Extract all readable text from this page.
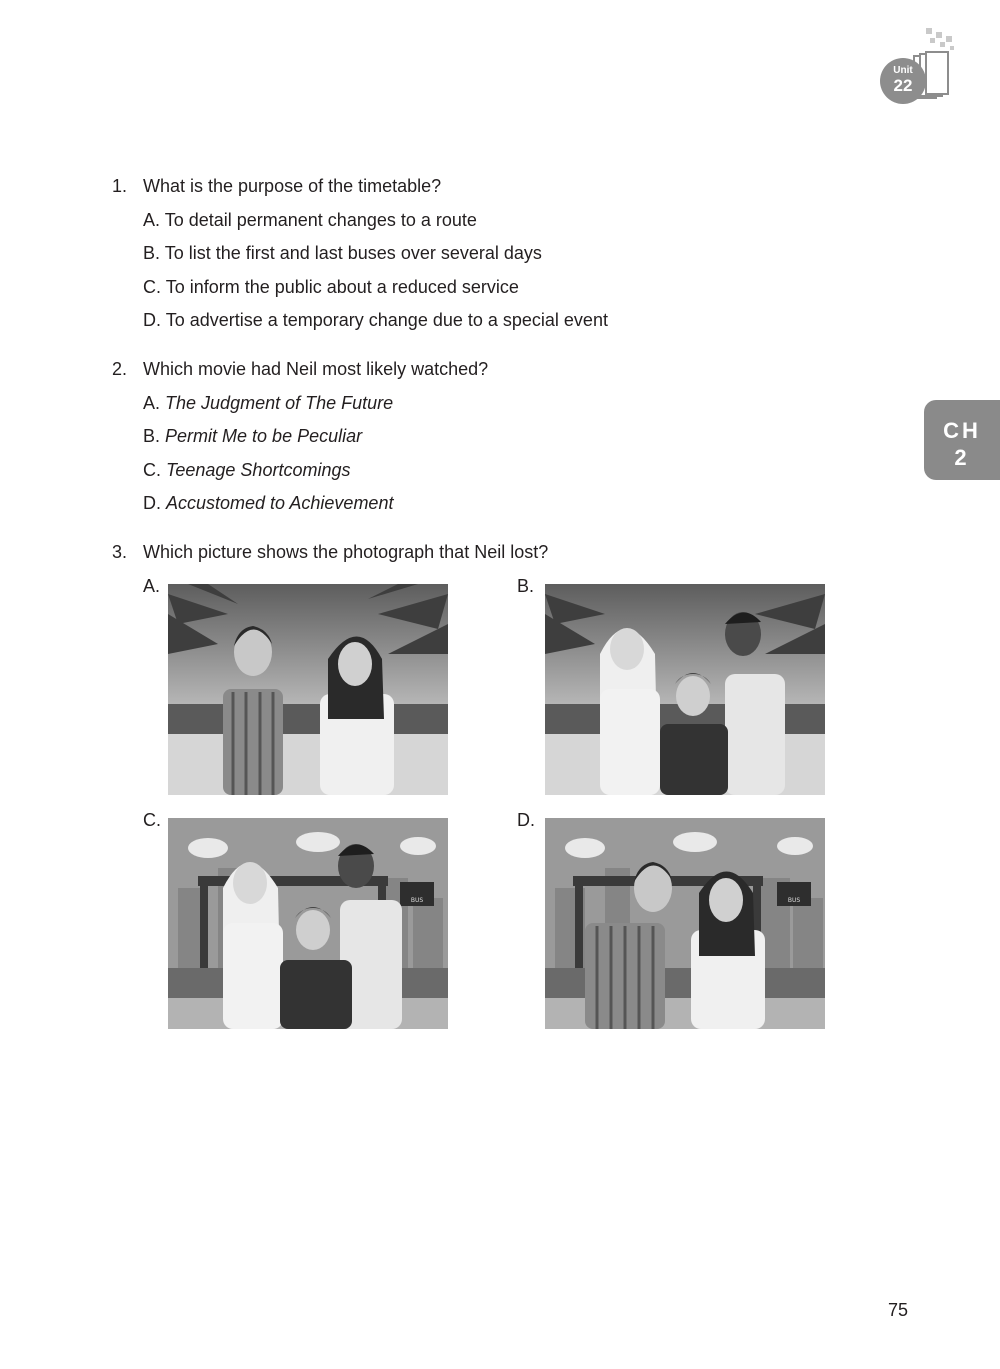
Unit
22
CH
2
1. What is the purpose of the timetable?
A. To detail permanent changes to a route
B. To list the first and last buses over several days
C. To inform the public about a reduced service
D. To advertise a temporary change due to a special event
2. Which movie had Neil most likely watched?
A. The Judgment of The Future
B. Permit Me to be Peculiar
C. Teenage Shortcomings
D. Accustomed to Achievement
3. Which picture shows the photograph that Neil lost?
A.	B.
C.
BUS
D.
BUS
75
